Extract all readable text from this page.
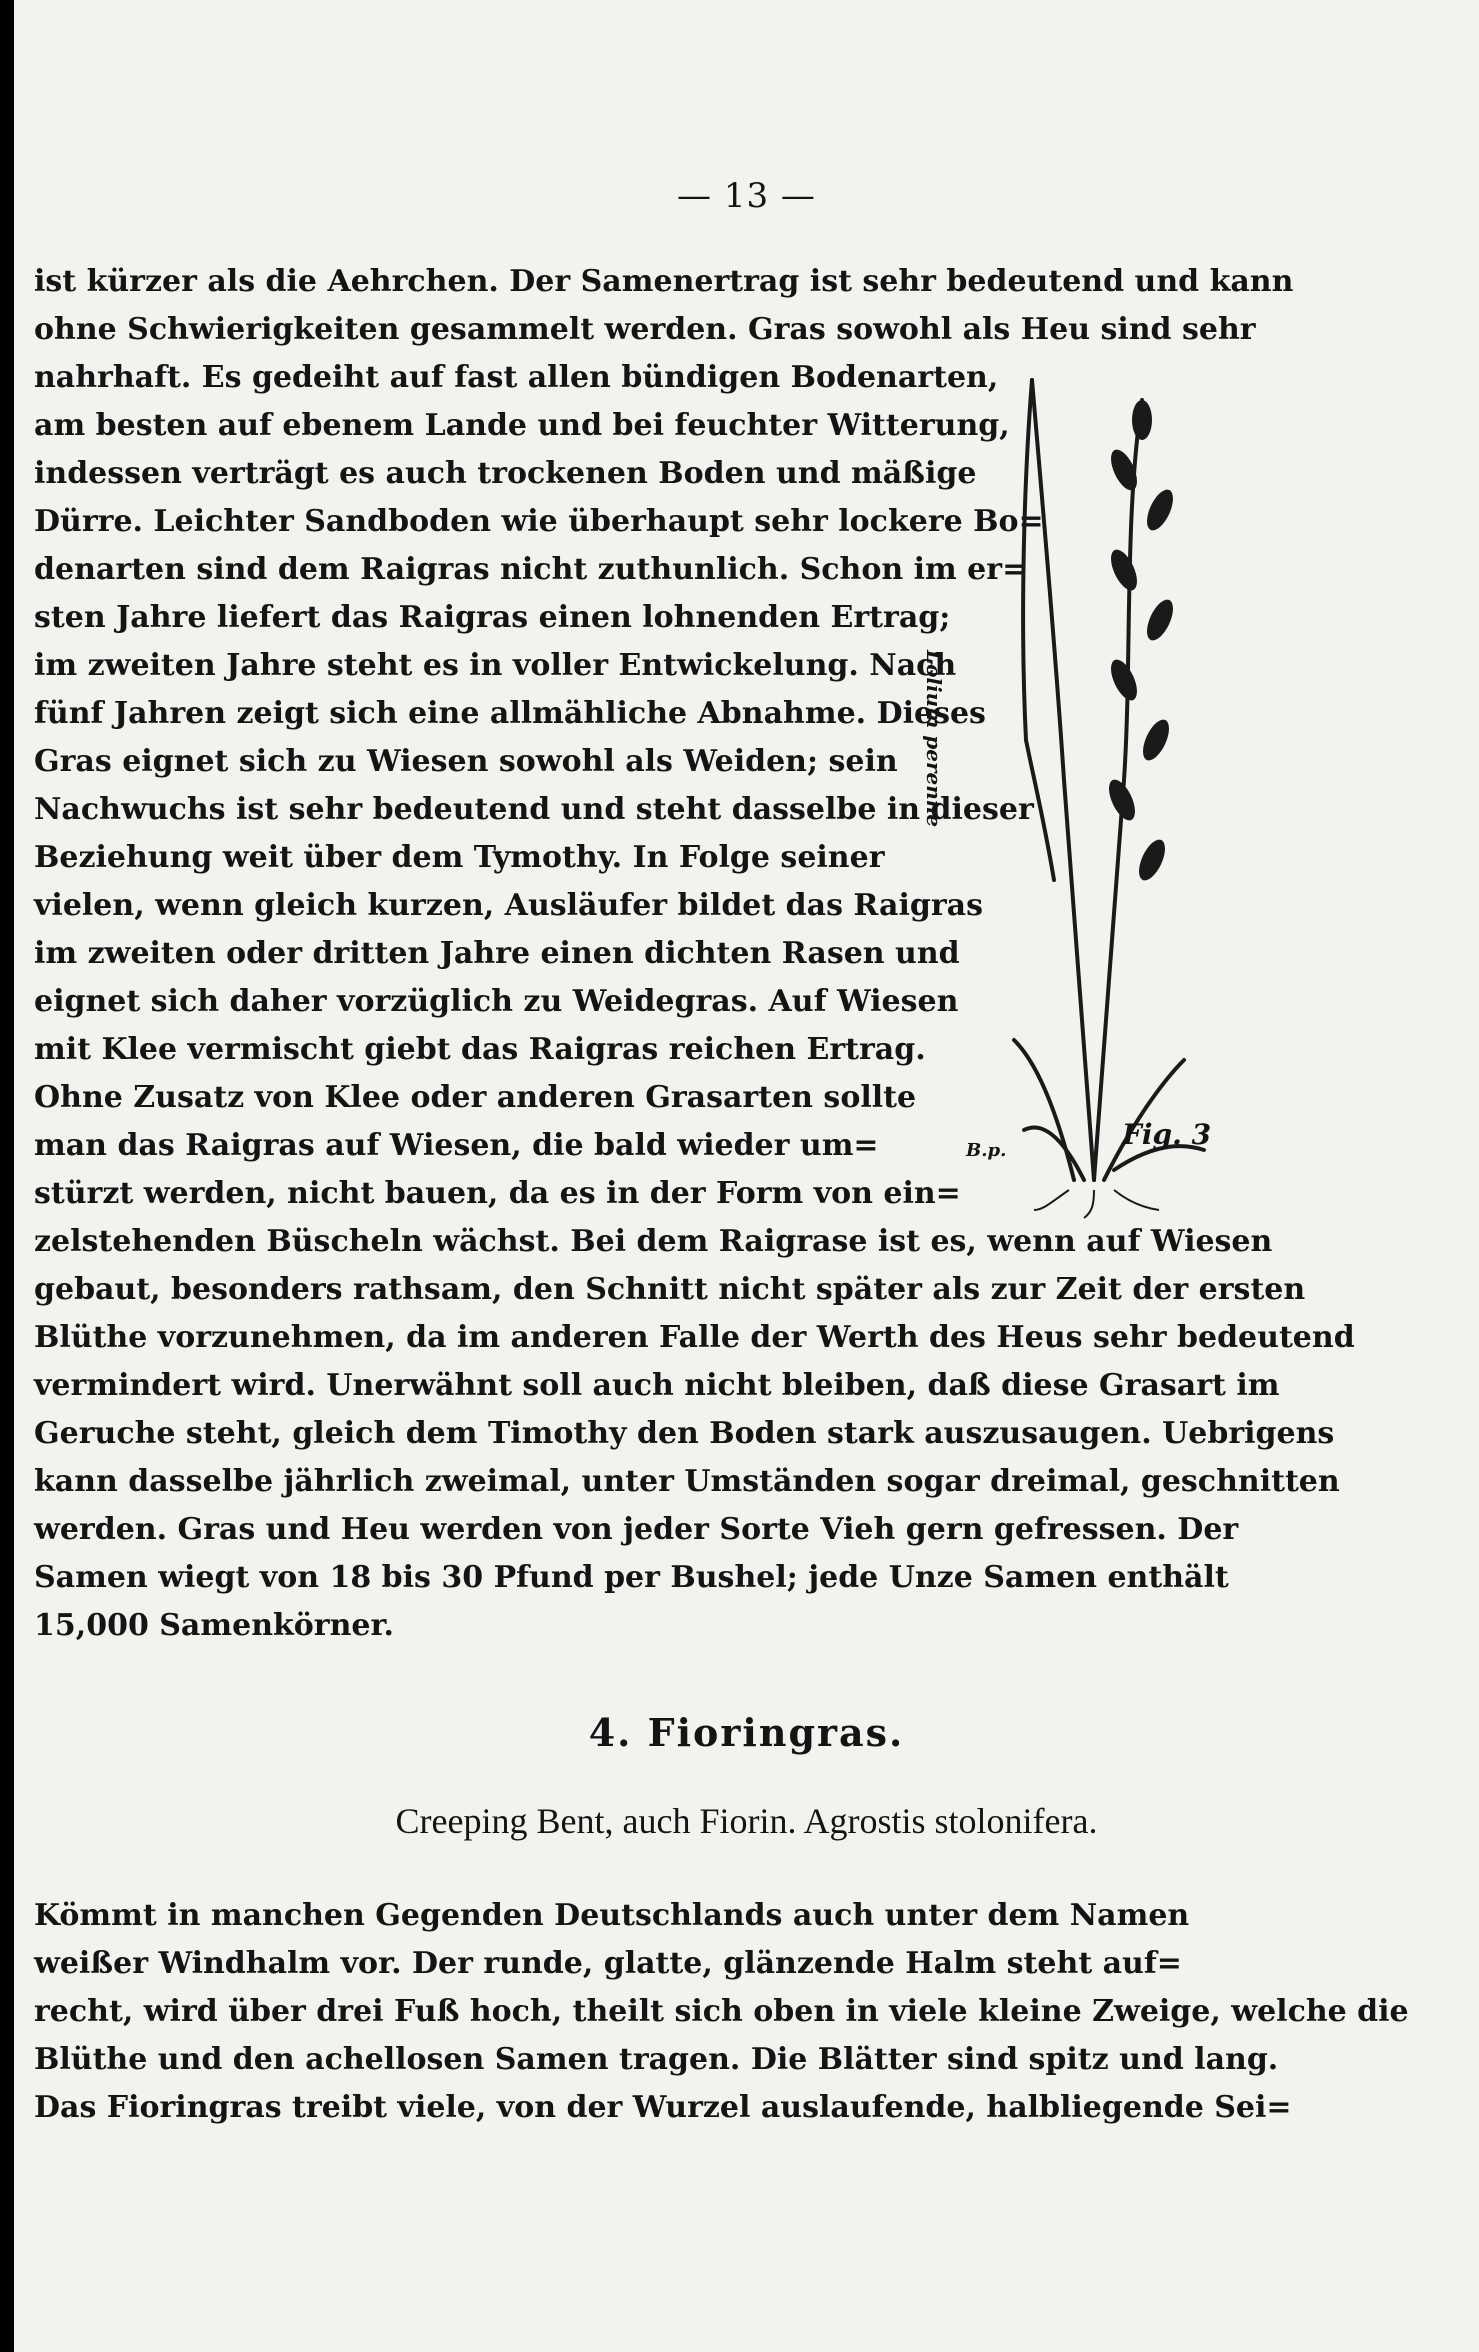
— 13 —
ist kürzer als die Aehrchen. Der Samenertrag ist sehr bedeutend und kann
ohne Schwierigkeiten gesammelt werden. Gras sowohl als Heu sind sehr
nahrhaft. Es gedeiht auf fast allen bündigen Bodenarten,
am besten auf ebenem Lande und bei feuchter Witterung,
indessen verträgt es auch trockenen Boden und mäßige
Dürre. Leichter Sandboden wie überhaupt sehr lockere Bo=
denarten sind dem Raigras nicht zuthunlich. Schon im er=
sten Jahre liefert das Raigras einen lohnenden Ertrag;
im zweiten Jahre steht es in voller Entwickelung. Nach
fünf Jahren zeigt sich eine allmähliche Abnahme. Dieses
Gras eignet sich zu Wiesen sowohl als Weiden; sein
Nachwuchs ist sehr bedeutend und steht dasselbe in dieser
Beziehung weit über dem Tymothy. In Folge seiner
vielen, wenn gleich kurzen, Ausläufer bildet das Raigras
im zweiten oder dritten Jahre einen dichten Rasen und
eignet sich daher vorzüglich zu Weidegras. Auf Wiesen
mit Klee vermischt giebt das Raigras reichen Ertrag.
Ohne Zusatz von Klee oder anderen Grasarten sollte
man das Raigras auf Wiesen, die bald wieder um=
stürzt werden, nicht bauen, da es in der Form von ein=
zelstehenden Büscheln wächst. Bei dem Raigrase ist es, wenn auf Wiesen
gebaut, besonders rathsam, den Schnitt nicht später als zur Zeit der ersten
Blüthe vorzunehmen, da im anderen Falle der Werth des Heus sehr bedeutend
vermindert wird. Unerwähnt soll auch nicht bleiben, daß diese Grasart im
Geruche steht, gleich dem Timothy den Boden stark auszusaugen. Uebrigens
kann dasselbe jährlich zweimal, unter Umständen sogar dreimal, geschnitten
werden. Gras und Heu werden von jeder Sorte Vieh gern gefressen. Der
Samen wiegt von 18 bis 30 Pfund per Bushel; jede Unze Samen enthält
15,000 Samenkörner.
Fig. 3
B.p.
Lolium perenne
4. Fioringras.
Creeping Bent, auch Fiorin. Agrostis stolonifera.
Kömmt in manchen Gegenden Deutschlands auch unter dem Namen
weißer Windhalm vor. Der runde, glatte, glänzende Halm steht auf=
recht, wird über drei Fuß hoch, theilt sich oben in viele kleine Zweige, welche die
Blüthe und den achellosen Samen tragen. Die Blätter sind spitz und lang.
Das Fioringras treibt viele, von der Wurzel auslaufende, halbliegende Sei=
